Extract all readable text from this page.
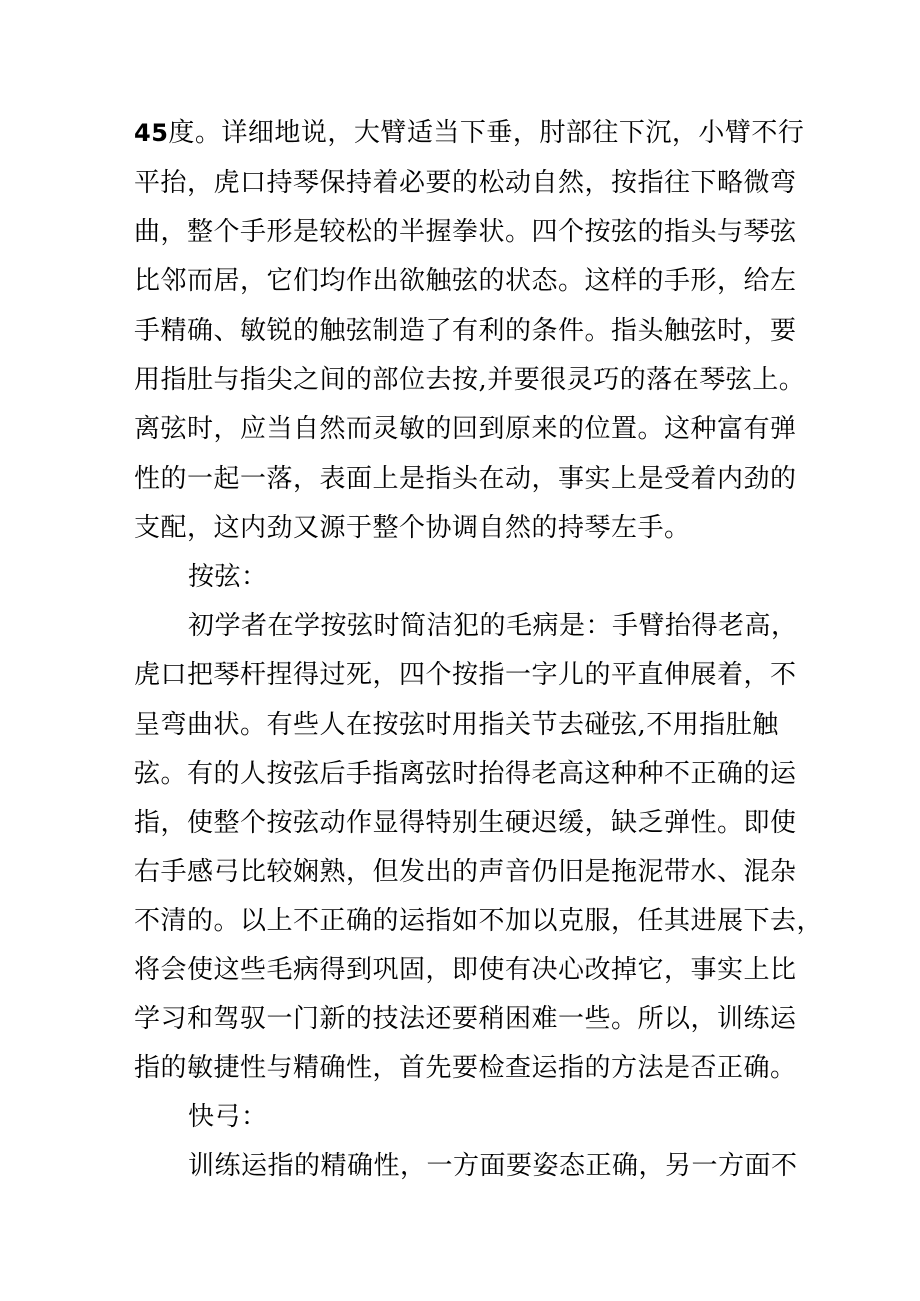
45度。详细地说，大臂适当下垂，肘部往下沉，小臂不行
平抬，虎口持琴保持着必要的松动自然，按指往下略微弯
曲，整个手形是较松的半握拳状。四个按弦的指头与琴弦
比邻而居，它们均作出欲触弦的状态。这样的手形，给左
手精确、敏锐的触弦制造了有利的条件。指头触弦时，要
用指肚与指尖之间的部位去按,并要很灵巧的落在琴弦上。
离弦时，应当自然而灵敏的回到原来的位置。这种富有弹
性的一起一落，表面上是指头在动，事实上是受着内劲的
支配，这内劲又源于整个协调自然的持琴左手。
按弦：
初学者在学按弦时简洁犯的毛病是：手臂抬得老高，
虎口把琴杆捏得过死，四个按指一字儿的平直伸展着，不
呈弯曲状。有些人在按弦时用指关节去碰弦,不用指肚触
弦。有的人按弦后手指离弦时抬得老高这种种不正确的运
指，使整个按弦动作显得特别生硬迟缓，缺乏弹性。即使
右手感弓比较娴熟，但发出的声音仍旧是拖泥带水、混杂
不清的。以上不正确的运指如不加以克服，任其进展下去，
将会使这些毛病得到巩固，即使有决心改掉它，事实上比
学习和驾驭一门新的技法还要稍困难一些。所以，训练运
指的敏捷性与精确性，首先要检查运指的方法是否正确。
快弓：
训练运指的精确性，一方面要姿态正确，另一方面不
